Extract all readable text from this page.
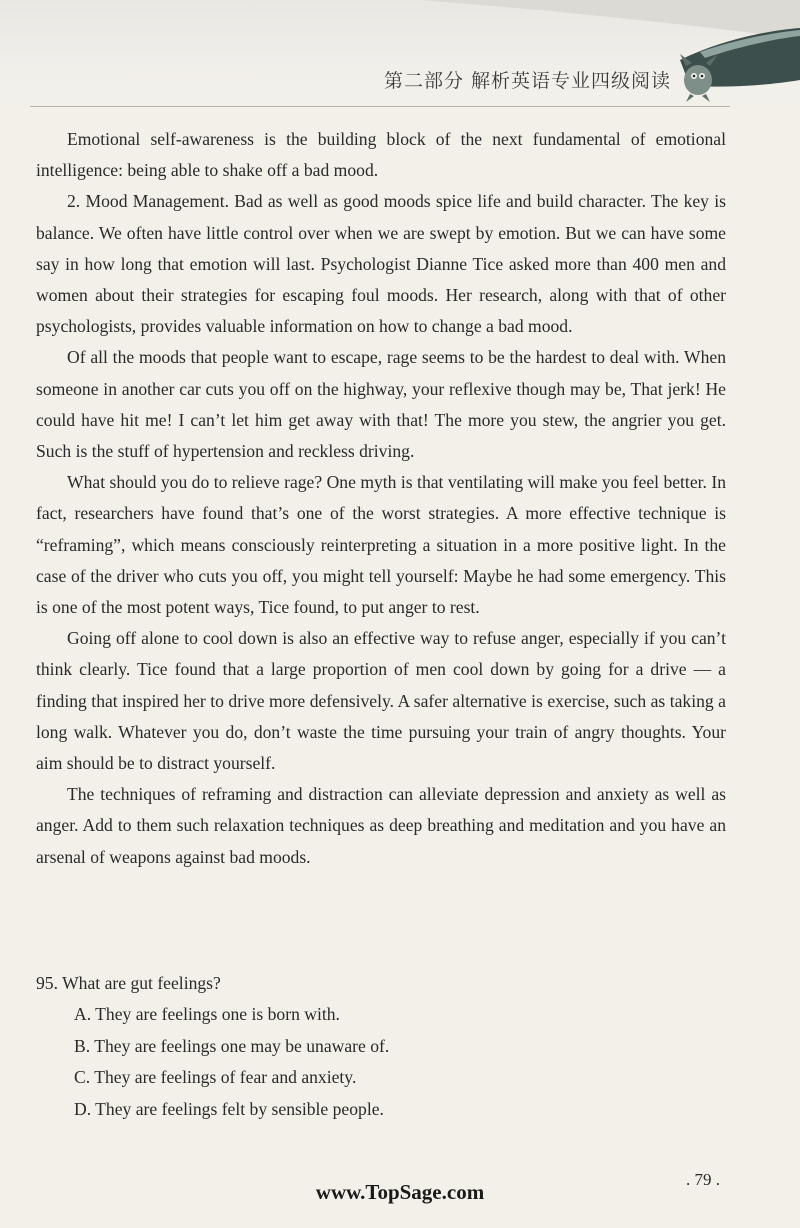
第二部分 解析英语专业四级阅读

Emotional self-awareness is the building block of the next fundamental of emotional intelligence: being able to shake off a bad mood.

2. Mood Management. Bad as well as good moods spice life and build character. The key is balance. We often have little control over when we are swept by emotion. But we can have some say in how long that emotion will last. Psychologist Dianne Tice asked more than 400 men and women about their strategies for escaping foul moods. Her research, along with that of other psychologists, provides valuable information on how to change a bad mood.

Of all the moods that people want to escape, rage seems to be the hardest to deal with. When someone in another car cuts you off on the highway, your reflexive though may be, That jerk! He could have hit me! I can’t let him get away with that! The more you stew, the angrier you get. Such is the stuff of hypertension and reckless driving.

What should you do to relieve rage? One myth is that ventilating will make you feel better. In fact, researchers have found that’s one of the worst strategies. A more effective technique is “reframing”, which means consciously reinterpreting a situation in a more positive light. In the case of the driver who cuts you off, you might tell yourself: Maybe he had some emergency. This is one of the most potent ways, Tice found, to put anger to rest.

Going off alone to cool down is also an effective way to refuse anger, especially if you can’t think clearly. Tice found that a large proportion of men cool down by going for a drive — a finding that inspired her to drive more defensively. A safer alternative is exercise, such as taking a long walk. Whatever you do, don’t waste the time pursuing your train of angry thoughts. Your aim should be to distract yourself.

The techniques of reframing and distraction can alleviate depression and anxiety as well as anger. Add to them such relaxation techniques as deep breathing and meditation and you have an arsenal of weapons against bad moods.

95. What are gut feelings?
A. They are feelings one is born with.
B. They are feelings one may be unaware of.
C. They are feelings of fear and anxiety.
D. They are feelings felt by sensible people.
. 79 .
www.TopSage.com
